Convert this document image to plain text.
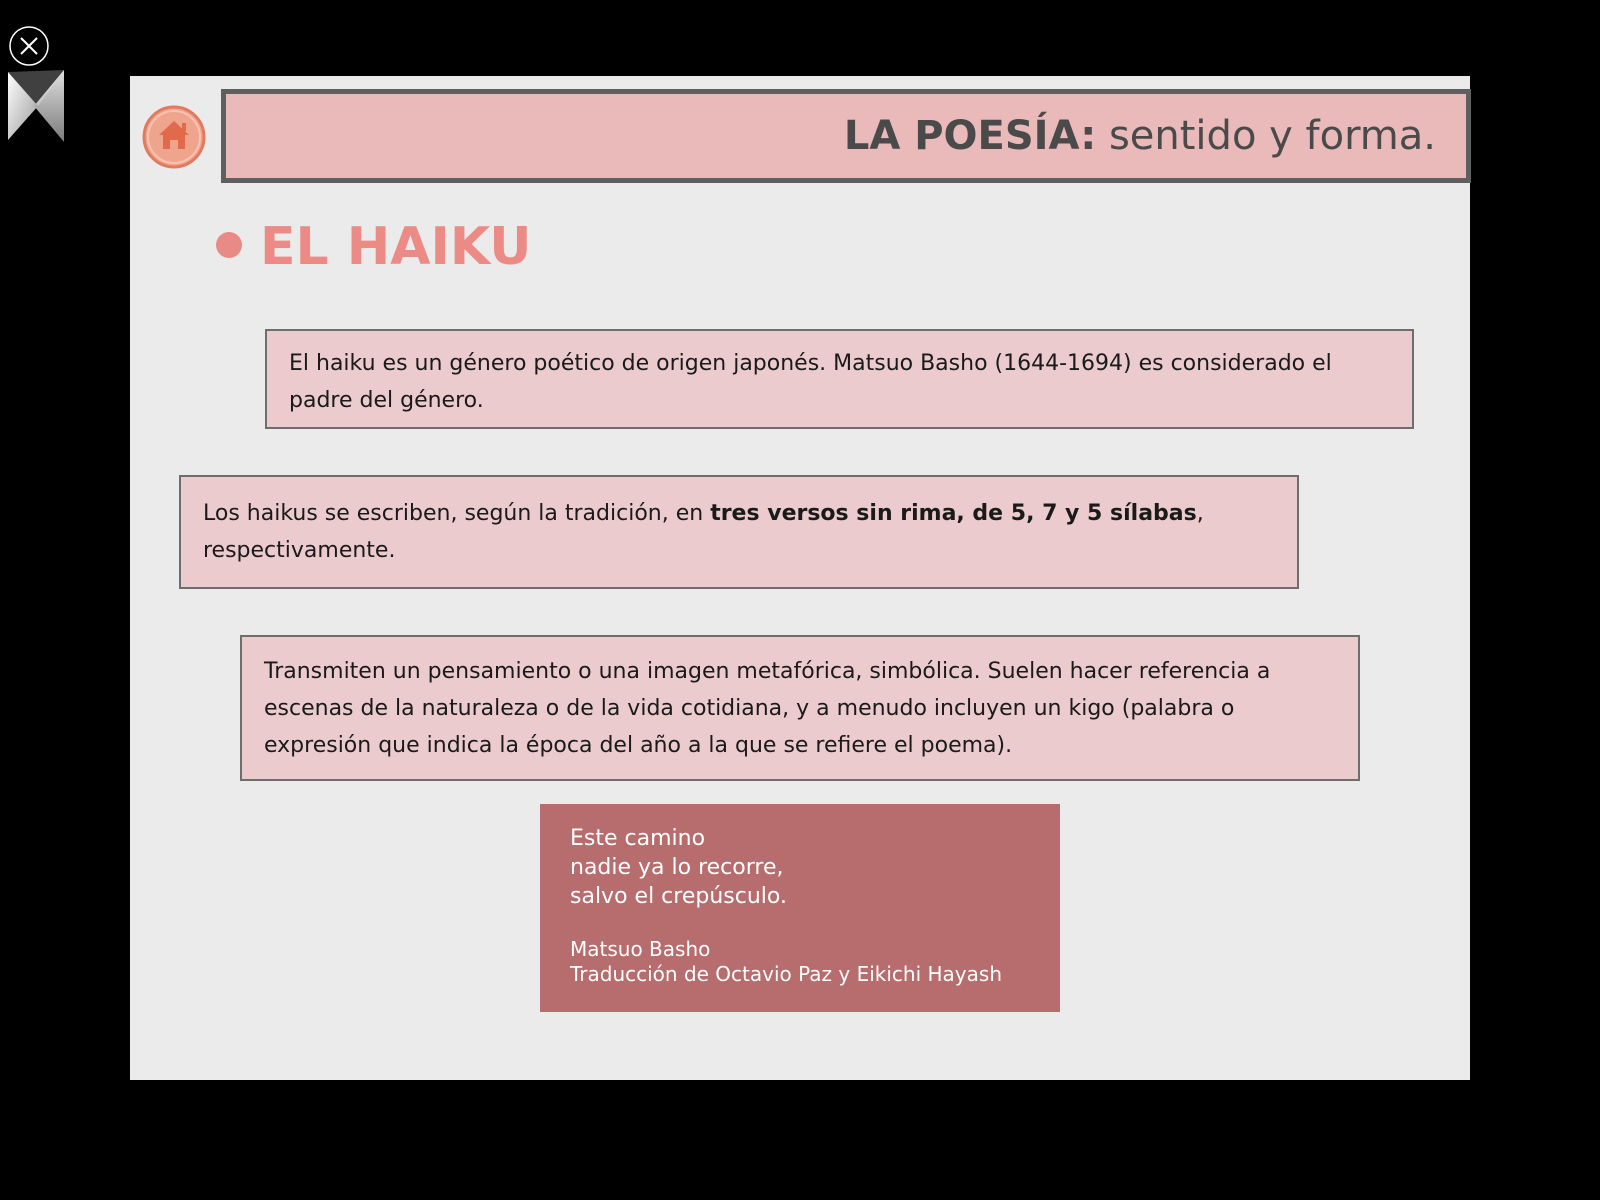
LA POESÍA: sentido y forma.
EL HAIKU
El haiku es un género poético de origen japonés. Matsuo Basho (1644-1694) es considerado el padre del género.
Los haikus se escriben, según la tradición, en tres versos sin rima, de 5, 7 y 5 sílabas, respectivamente.
Transmiten un pensamiento o una imagen metafórica, simbólica. Suelen hacer referencia a escenas de la naturaleza o de la vida cotidiana, y a menudo incluyen un kigo (palabra o expresión que indica la época del año a la que se refiere el poema).
Este camino
nadie ya lo recorre,
salvo el crepúsculo.
Matsuo Basho
Traducción de Octavio Paz y Eikichi Hayash
